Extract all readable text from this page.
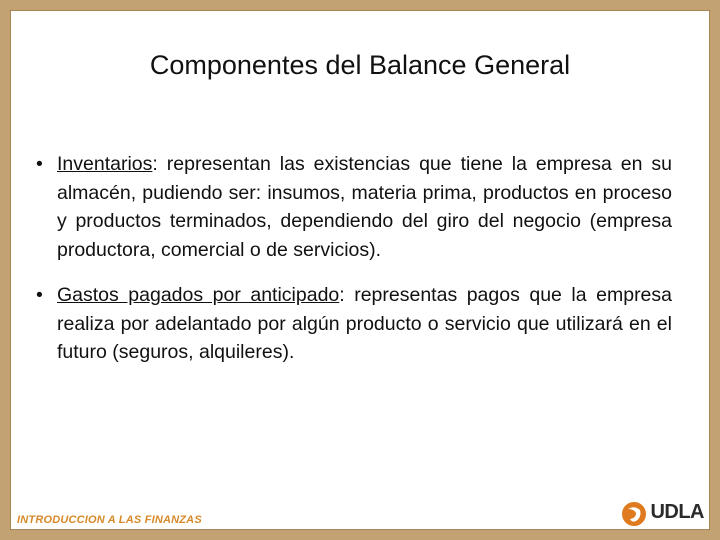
Componentes del Balance General
• Inventarios: representan las existencias que tiene la empresa en su almacén, pudiendo ser: insumos, materia prima, productos en proceso y productos terminados, dependiendo del giro del negocio (empresa productora, comercial o de servicios).
• Gastos pagados por anticipado: representas pagos que la empresa realiza por adelantado por algún producto o servicio que utilizará en el futuro (seguros, alquileres).
INTRODUCCION A LAS FINANZAS	UDLA
